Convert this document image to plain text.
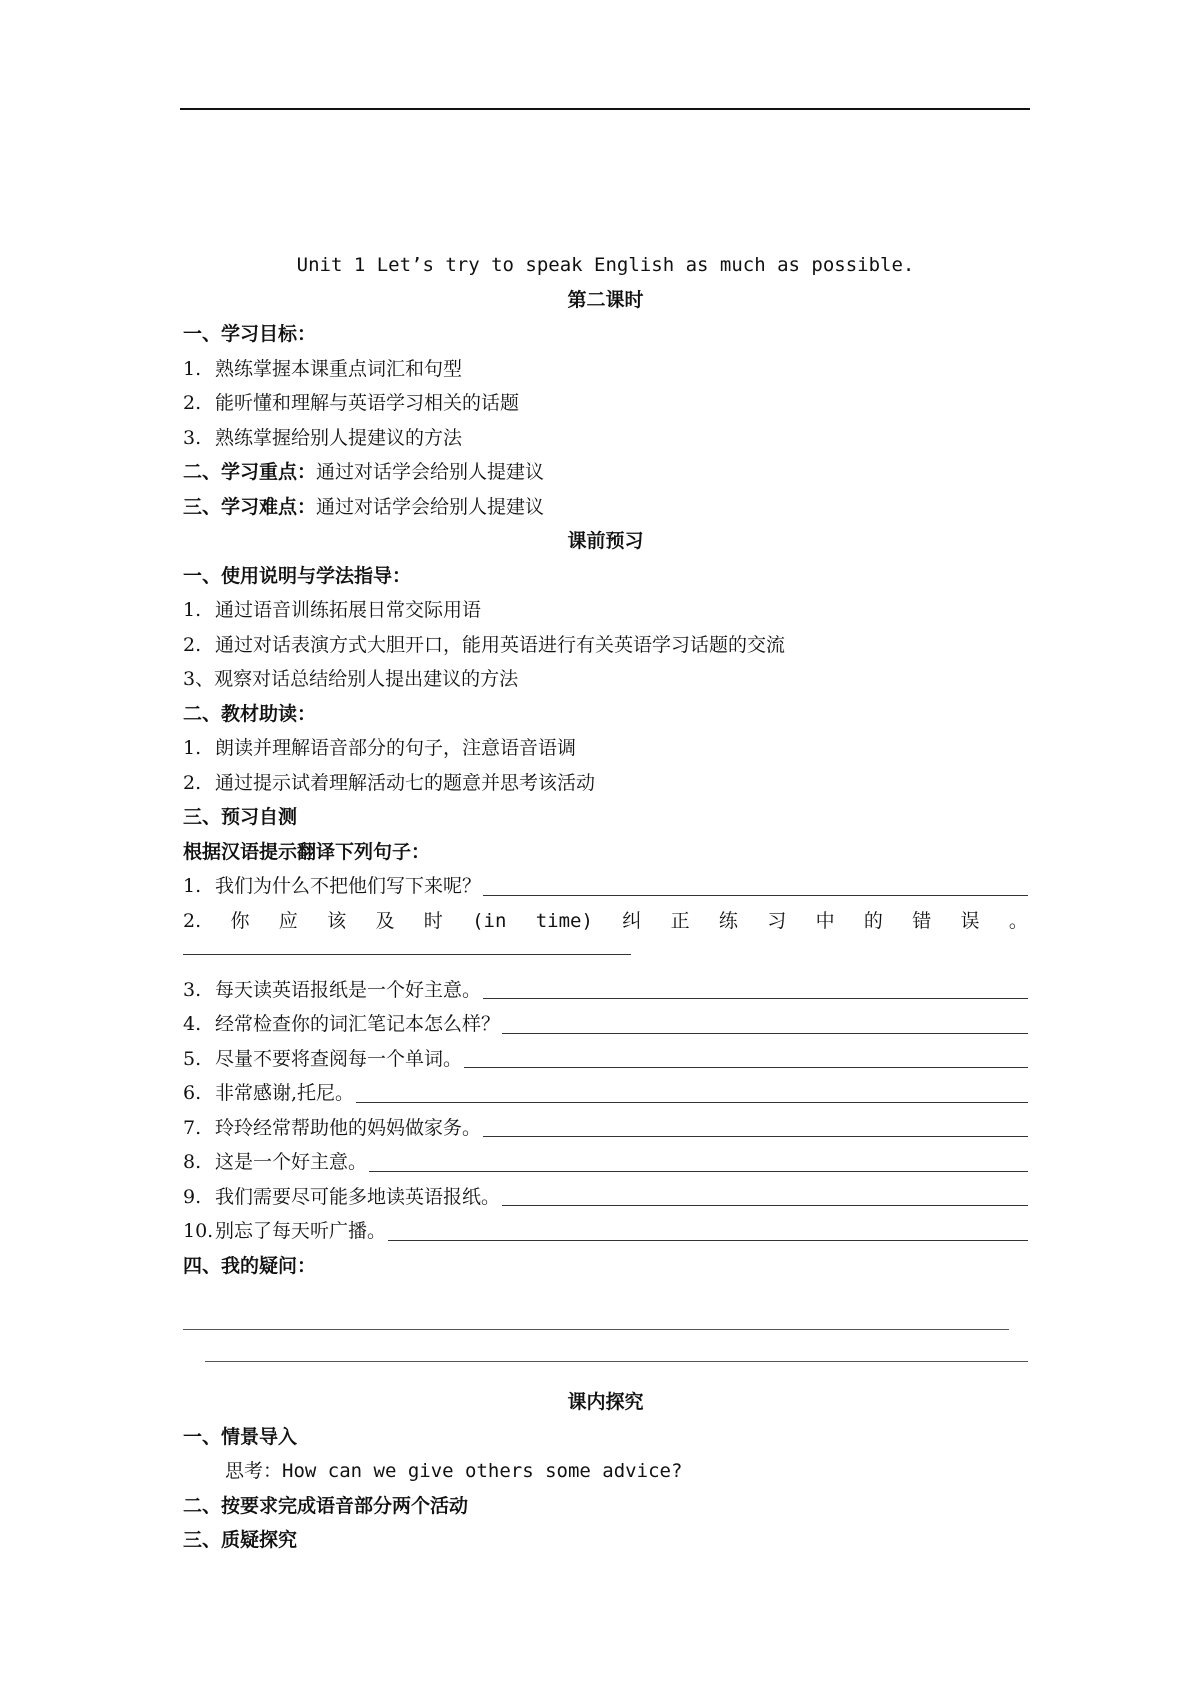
Unit 1 Let’s try to speak English as much as possible.
第二课时
一、学习目标：
1. 熟练掌握本课重点词汇和句型
2. 能听懂和理解与英语学习相关的话题
3. 熟练掌握给别人提建议的方法
二、学习重点： 通过对话学会给别人提建议
三、学习难点： 通过对话学会给别人提建议
课前预习
一、使用说明与学法指导：
1. 通过语音训练拓展日常交际用语
2. 通过对话表演方式大胆开口，能用英语进行有关英语学习话题的交流
3、 观察对话总结给别人提出建议的方法
二、教材助读：
1. 朗读并理解语音部分的句子，注意语音语调
2. 通过提示试着理解活动七的题意并思考该活动
三、预习自测
根据汉语提示翻译下列句子：
1. 我们为什么不把他们写下来呢？
2. 你 应 该 及 时 (in time) 纠 正 练 习 中 的 错 误 。
3. 每天读英语报纸是一个好主意。
4. 经常检查你的词汇笔记本怎么样？
5. 尽量不要将查阅每一个单词。
6. 非常感谢,托尼。
7. 玲玲经常帮助他的妈妈做家务。
8. 这是一个好主意。
9. 我们需要尽可能多地读英语报纸。
10. 别忘了每天听广播。
四、我的疑问：
课内探究
一、情景导入
思考： How can we give others some advice?
二、按要求完成语音部分两个活动
三、质疑探究
